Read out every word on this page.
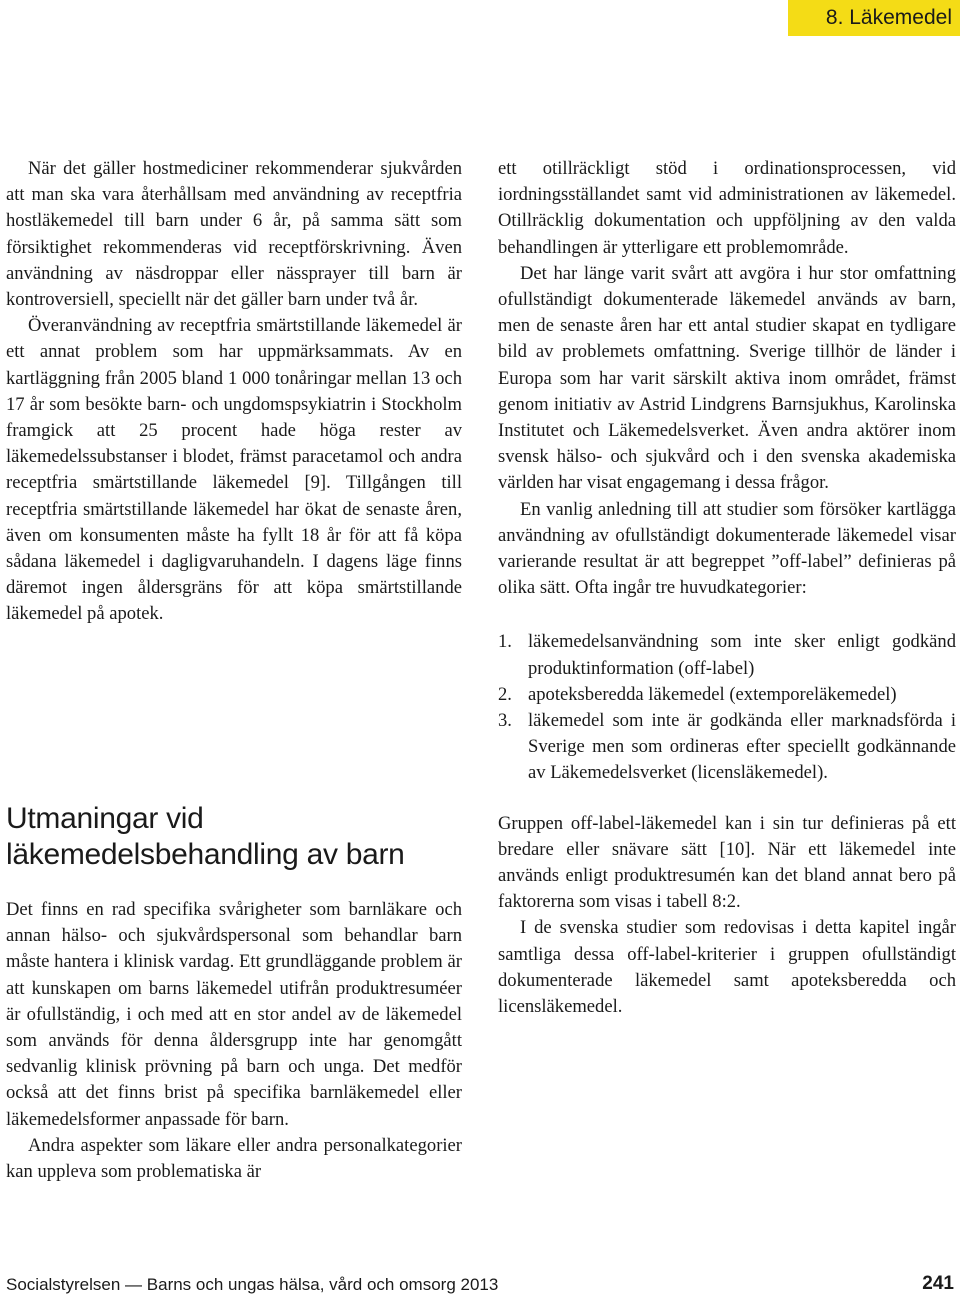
8. Läkemedel

När det gäller hostmediciner rekommenderar sjukvården att man ska vara återhållsam med användning av receptfria hostläkemedel till barn under 6 år, på samma sätt som försiktighet rekommenderas vid receptförskrivning. Även användning av näsdroppar eller nässprayer till barn är kontroversiell, speciellt när det gäller barn under två år.

Överanvändning av receptfria smärtstillande läkemedel är ett annat problem som har uppmärksammats. Av en kartläggning från 2005 bland 1 000 tonåringar mellan 13 och 17 år som besökte barn- och ungdomspsykiatrin i Stockholm framgick att 25 procent hade höga rester av läkemedelssubstanser i blodet, främst paracetamol och andra receptfria smärtstillande läkemedel [9]. Tillgången till receptfria smärtstillande läkemedel har ökat de senaste åren, även om konsumenten måste ha fyllt 18 år för att få köpa sådana läkemedel i dagligvaruhandeln. I dagens läge finns däremot ingen åldersgräns för att köpa smärtstillande läkemedel på apotek.

Utmaningar vid läkemedelsbehandling av barn

Det finns en rad specifika svårigheter som barnläkare och annan hälso- och sjukvårdspersonal som behandlar barn måste hantera i klinisk vardag. Ett grundläggande problem är att kunskapen om barns läkemedel utifrån produktresuméer är ofullständig, i och med att en stor andel av de läkemedel som används för denna åldersgrupp inte har genomgått sedvanlig klinisk prövning på barn och unga. Det medför också att det finns brist på specifika barnläkemedel eller läkemedelsformer anpassade för barn.

Andra aspekter som läkare eller andra personalkategorier kan uppleva som problematiska är

ett otillräckligt stöd i ordinationsprocessen, vid iordningsställandet samt vid administrationen av läkemedel. Otillräcklig dokumentation och uppföljning av den valda behandlingen är ytterligare ett problemområde.

Det har länge varit svårt att avgöra i hur stor omfattning ofullständigt dokumenterade läkemedel används av barn, men de senaste åren har ett antal studier skapat en tydligare bild av problemets omfattning. Sverige tillhör de länder i Europa som har varit särskilt aktiva inom området, främst genom initiativ av Astrid Lindgrens Barnsjukhus, Karolinska Institutet och Läkemedelsverket. Även andra aktörer inom svensk hälso- och sjukvård och i den svenska akademiska världen har visat engagemang i dessa frågor.

En vanlig anledning till att studier som försöker kartlägga användning av ofullständigt dokumenterade läkemedel visar varierande resultat är att begreppet ”off-label” definieras på olika sätt. Ofta ingår tre huvudkategorier:

1. läkemedelsanvändning som inte sker enligt godkänd produktinformation (off-label)
2. apoteksberedda läkemedel (extemporeläkemedel)
3. läkemedel som inte är godkända eller marknadsförda i Sverige men som ordineras efter speciellt godkännande av Läkemedelsverket (licensläkemedel).

Gruppen off-label-läkemedel kan i sin tur definieras på ett bredare eller snävare sätt [10]. När ett läkemedel inte används enligt produktresumén kan det bland annat bero på faktorerna som visas i tabell 8:2.

I de svenska studier som redovisas i detta kapitel ingår samtliga dessa off-label-kriterier i gruppen ofullständigt dokumenterade läkemedel samt apoteksberedda och licensläkemedel.

Socialstyrelsen — Barns och ungas hälsa, vård och omsorg 2013	241
